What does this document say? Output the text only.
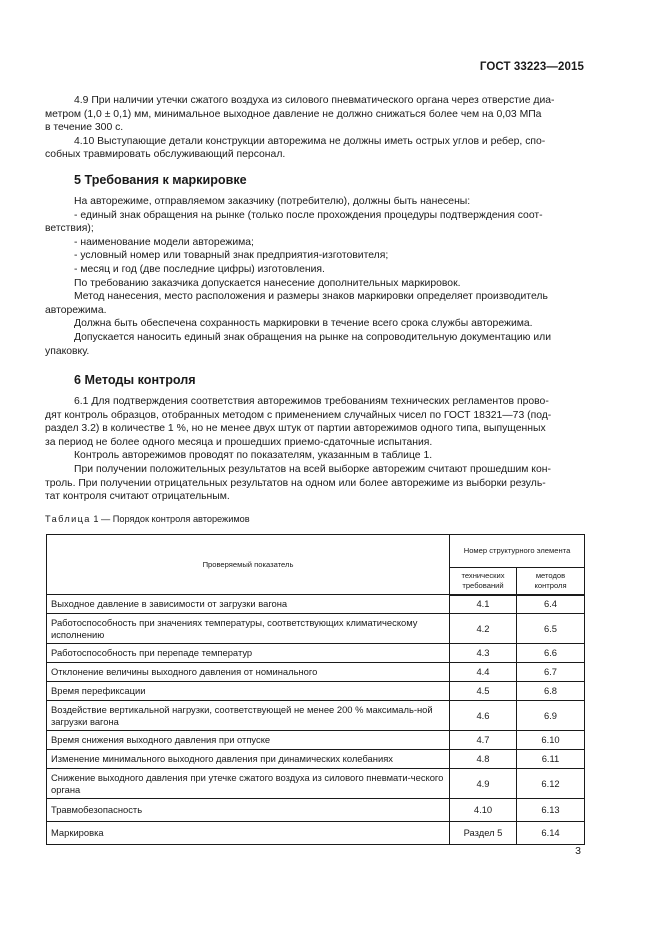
ГОСТ 33223—2015

4.9 При наличии утечки сжатого воздуха из силового пневматического органа через отверстие диа-

метром (1,0 ± 0,1) мм, минимальное выходное давление не должно снижаться более чем на 0,03 МПа

в течение 300 с.

4.10 Выступающие детали конструкции авторежима не должны иметь острых углов и ребер, спо-

собных травмировать обслуживающий персонал.

5 Требования к маркировке

На авторежиме, отправляемом заказчику (потребителю), должны быть нанесены:

- единый знак обращения на рынке (только после прохождения процедуры подтверждения соот-

ветствия);

- наименование модели авторежима;

- условный номер или товарный знак предприятия-изготовителя;

- месяц и год (две последние цифры) изготовления.

По требованию заказчика допускается нанесение дополнительных маркировок.

Метод нанесения, место расположения и размеры знаков маркировки определяет производитель

авторежима.

Должна быть обеспечена сохранность маркировки в течение всего срока службы авторежима.

Допускается наносить единый знак обращения на рынке на сопроводительную документацию или

упаковку.

6 Методы контроля

6.1 Для подтверждения соответствия авторежимов требованиям технических регламентов прово-

дят контроль образцов, отобранных методом с применением случайных чисел по ГОСТ 18321—73 (под-

раздел 3.2) в количестве 1 %, но не менее двух штук от партии авторежимов одного типа, выпущенных

за период не более одного месяца и прошедших приемо-сдаточные испытания.

Контроль авторежимов проводят по показателям, указанным в таблице 1.

При получении положительных результатов на всей выборке авторежим считают прошедшим кон-

троль. При получении отрицательных результатов на одном или более авторежиме из выборки резуль-

тат контроля считают отрицательным.

Таблица 1 — Порядок контроля авторежимов

Проверяемый показатель	Номер структурного элемента	
	технических требований	методов контроля
Выходное давление в зависимости от загрузки вагона	4.1	6.4
Работоспособность при значениях температуры, соответствующих климатическому исполнению	4.2	6.5
Работоспособность при перепаде температур	4.3	6.6
Отклонение величины выходного давления от номинального	4.4	6.7
Время перефиксации	4.5	6.8
Воздействие вертикальной нагрузки, соответствующей не менее 200 % максималь-ной загрузки вагона	4.6	6.9
Время снижения выходного давления при отпуске	4.7	6.10
Изменение минимального выходного давления при динамических колебаниях	4.8	6.11
Снижение выходного давления при утечке сжатого воздуха из силового пневмати-ческого органа	4.9	6.12
Травмобезопасность	4.10	6.13
Маркировка	Раздел 5	6.14
3
